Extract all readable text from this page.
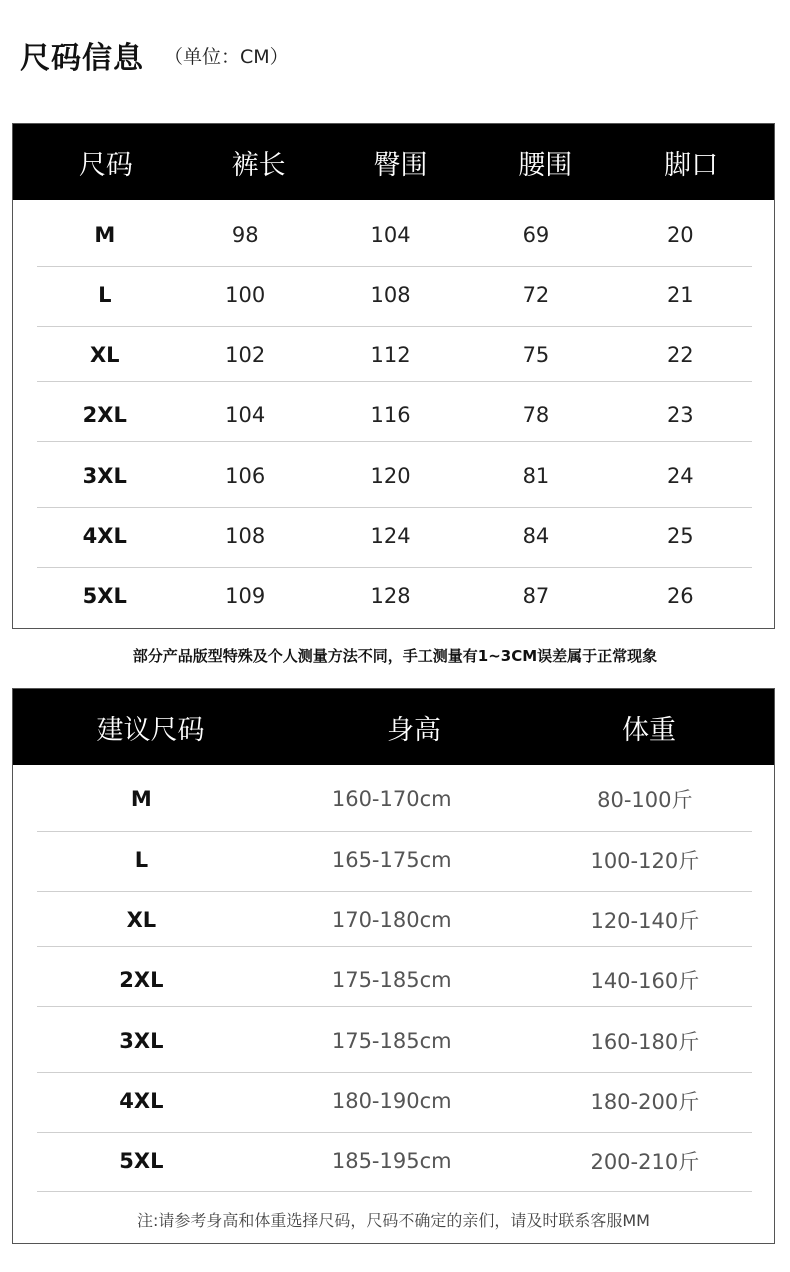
尺码信息 （单位：CM）
尺码	裤长	臀围	腰围	脚口
M	98	104	69	20
L	100	108	72	21
XL	102	112	75	22
2XL	104	116	78	23
3XL	106	120	81	24
4XL	108	124	84	25
5XL	109	128	87	26
部分产品版型特殊及个人测量方法不同，手工测量有1~3CM误差属于正常现象
建议尺码	身高	体重
注:请参考身高和体重选择尺码，尺码不确定的亲们，请及时联系客服MM
M	160-170cm	80-100斤
L	165-175cm	100-120斤
XL	170-180cm	120-140斤
2XL	175-185cm	140-160斤
3XL	175-185cm	160-180斤
4XL	180-190cm	180-200斤
5XL	185-195cm	200-210斤
